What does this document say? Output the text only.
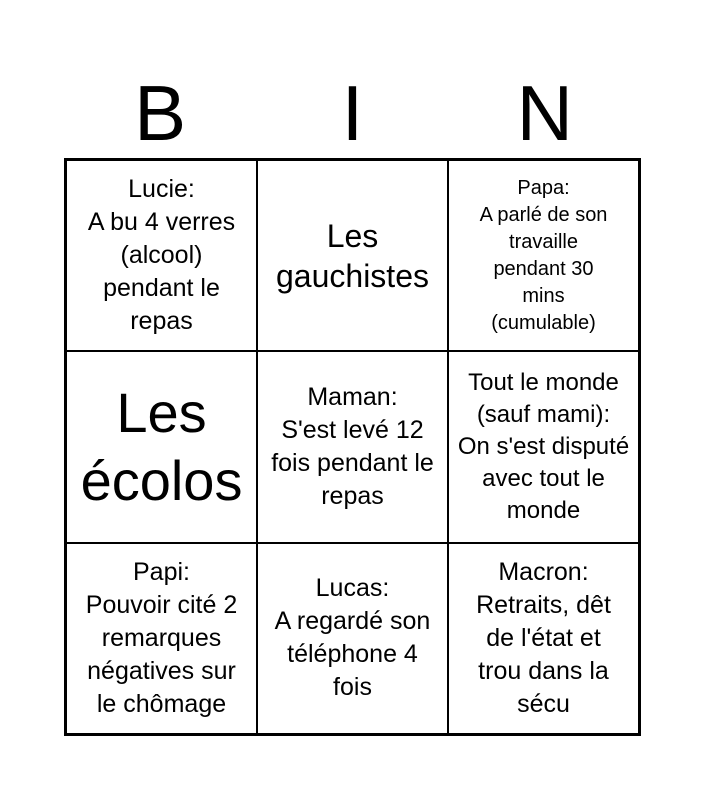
B	I	N
Lucie:
A bu 4 verres (alcool) pendant le repas
Les gauchistes
Papa:
A parlé de son travaille pendant 30 mins (cumulable)
Les écolos
Maman:
S'est levé 12 fois pendant le repas
Tout le monde (sauf mami):
On s'est disputé avec tout le monde
Papi:
Pouvoir cité 2 remarques négatives sur le chômage
Lucas:
A regardé son téléphone 4 fois
Macron:
Retraits, dêt de l'état et trou dans la sécu
